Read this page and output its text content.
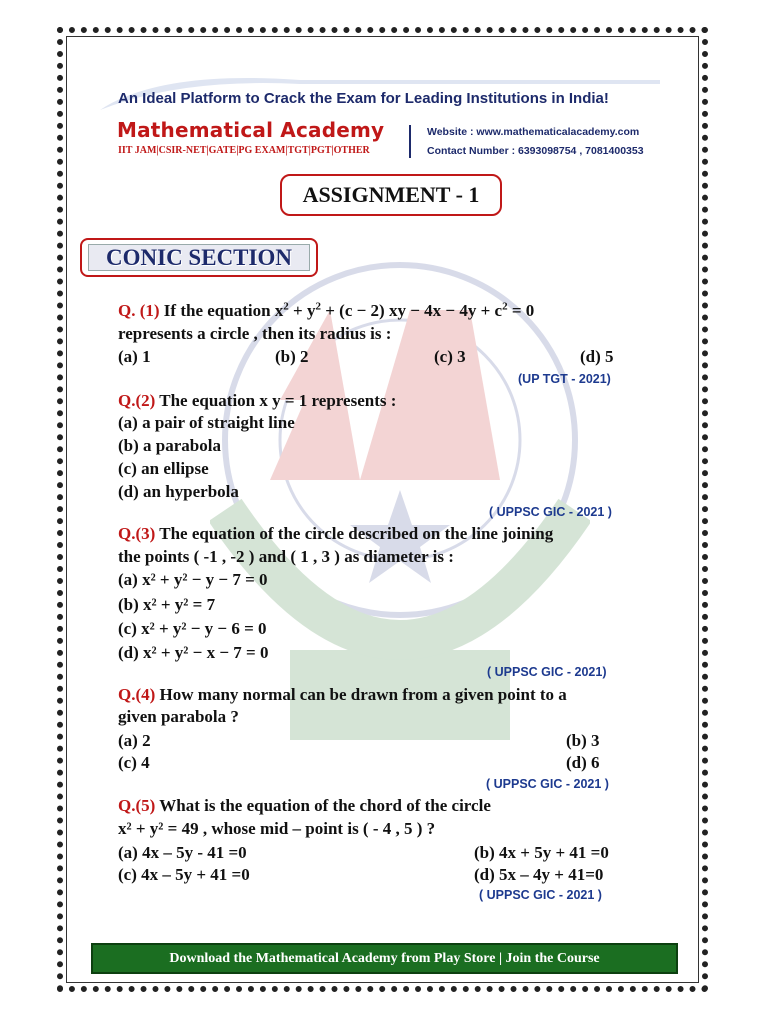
An Ideal Platform to Crack the Exam for Leading Institutions in India!
Mathematical Academy
IIT JAM|CSIR-NET|GATE|PG EXAM|TGT|PGT|OTHER
Website : www.mathematicalacademy.com
Contact Number : 6393098754 , 7081400353
ASSIGNMENT - 1
CONIC SECTION
Q. (1) If the equation $x^2 + y^2 + (c - 2)$ xy − $4x - 4y + c^2 = 0$
represents a circle , then its radius is :
(a) 1	(b) 2	(c) 3	(d) 5
(UP TGT - 2021)
Q.(2) The equation x y = 1 represents :
(a) a pair of straight line
(b) a parabola
(c) an ellipse
(d) an hyperbola
( UPPSC GIC - 2021 )
Q.(3) The equation of the circle described on the line joining
the points ( -1 , -2 ) and ( 1 , 3 ) as diameter is :
(a) x² + y² − y − 7 = 0
(b) x² + y² = 7
(c) x² + y² − y − 6 = 0
(d) x² + y² − x − 7 = 0
( UPPSC GIC - 2021)
Q.(4) How many normal can be drawn from a given point to a
given parabola ?
(a) 2	(b) 3
(c) 4	(d) 6
( UPPSC GIC - 2021 )
Q.(5) What is the equation of the chord of the circle
x² + y² = 49 , whose mid – point is ( - 4 , 5 ) ?
(a) 4x – 5y - 41 =0	(b) 4x + 5y + 41 =0
(c) 4x – 5y + 41 =0	(d) 5x – 4y + 41=0
( UPPSC GIC - 2021 )
Download the Mathematical Academy from Play Store | Join the Course
